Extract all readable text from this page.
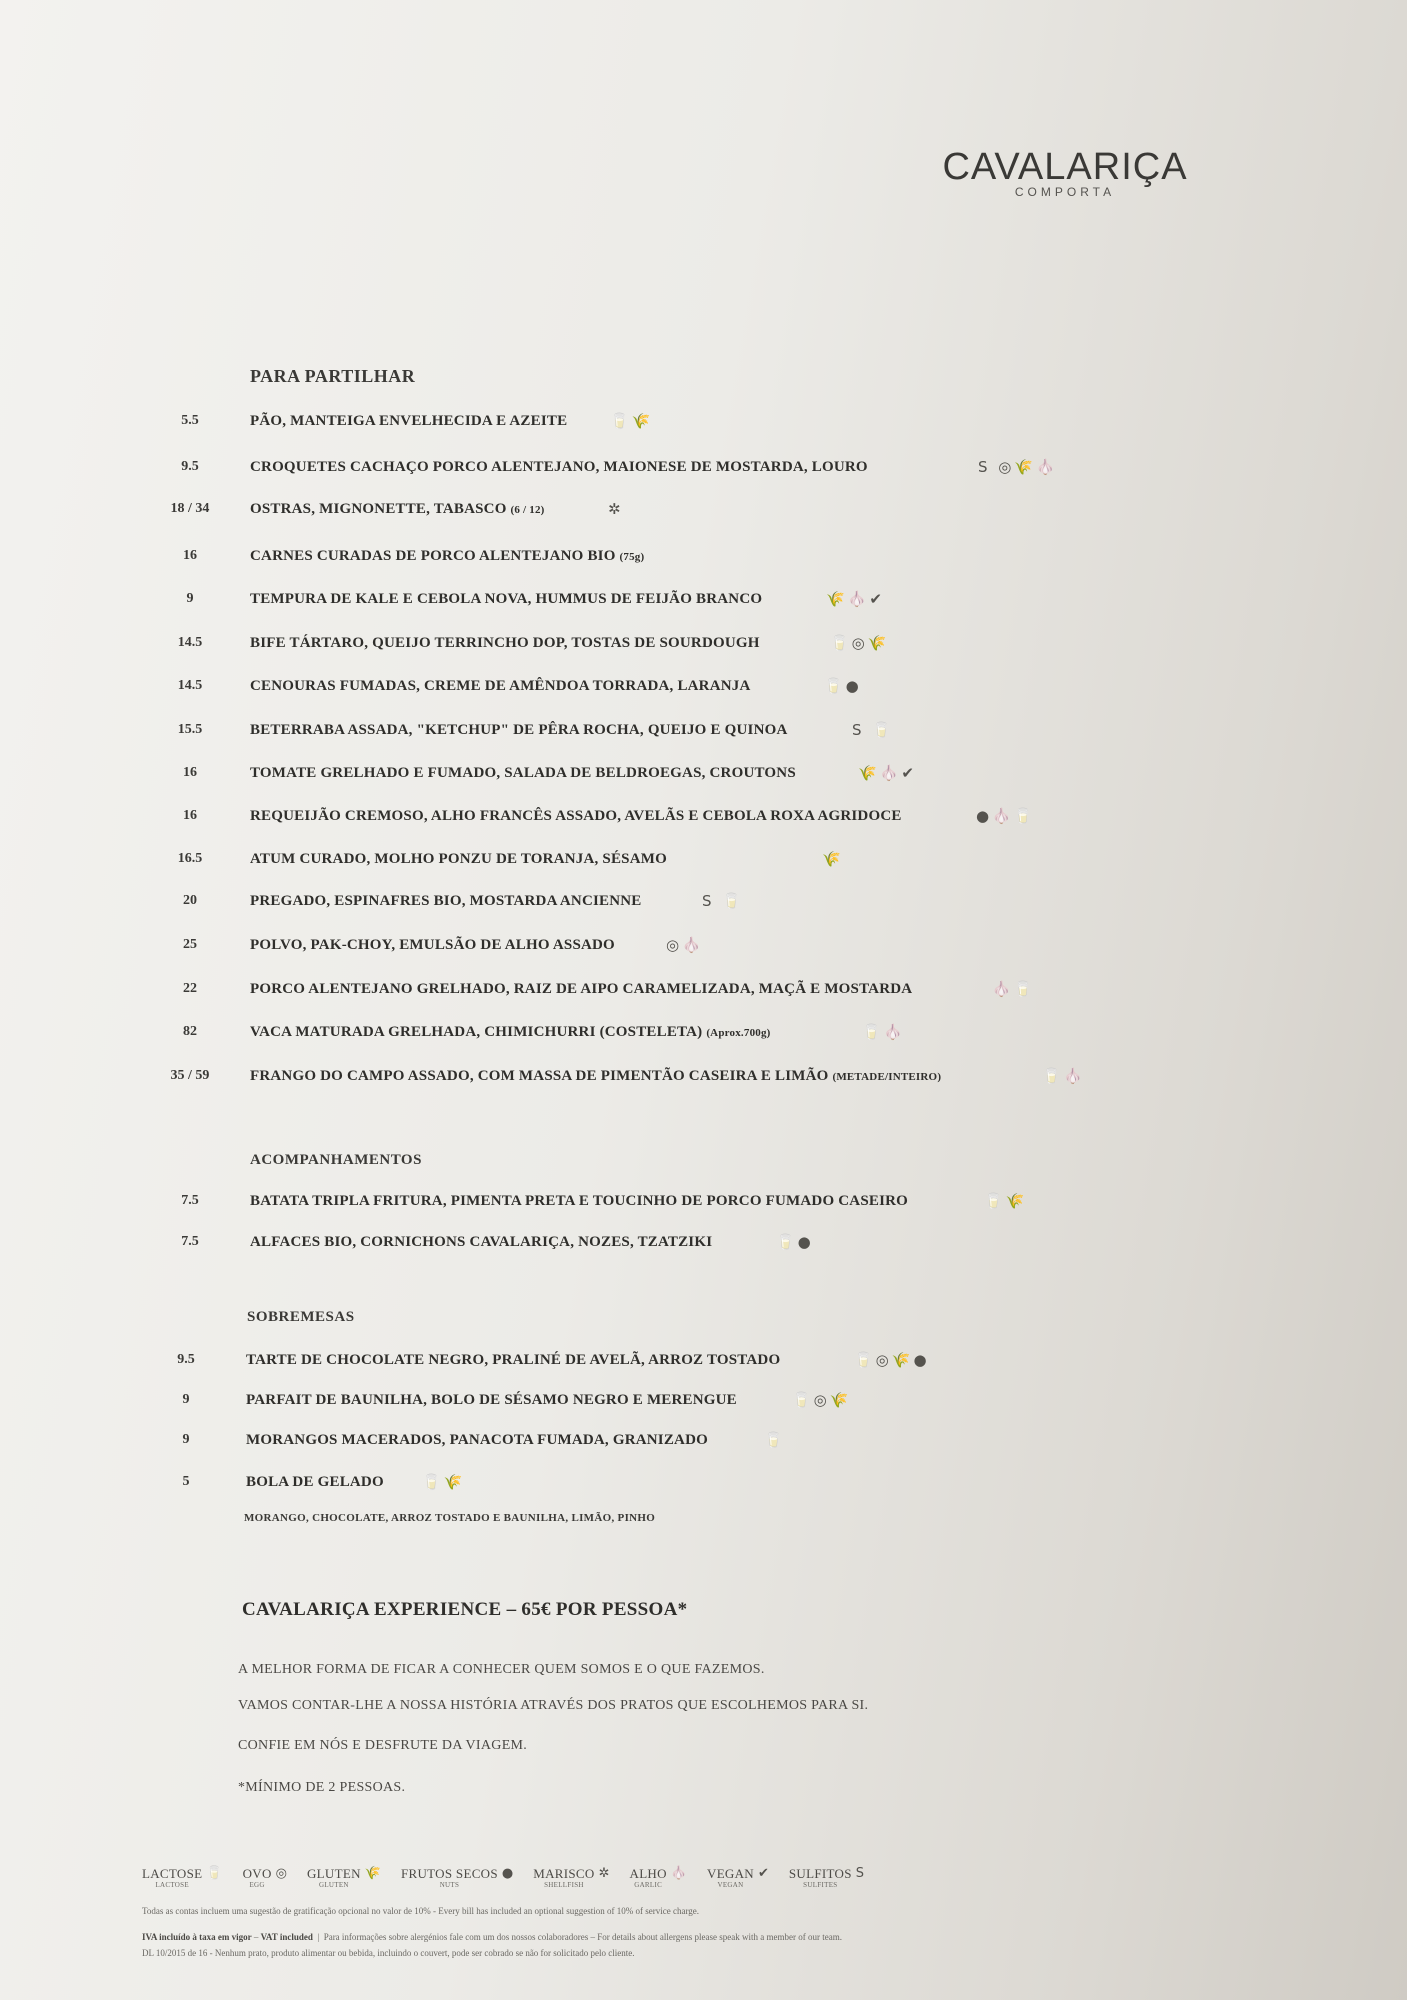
CAVALARIÇA
COMPORTA
PARA PARTILHAR
5.5	PÃO, MANTEIGA ENVELHECIDA E AZEITE	🥛🌾
9.5	CROQUETES CACHAÇO PORCO ALENTEJANO, MAIONESE DE MOSTARDA, LOURO	S ◎🌾🧄
18 / 34	OSTRAS, MIGNONETTE, TABASCO (6 / 12)	✲
16	CARNES CURADAS DE PORCO ALENTEJANO BIO (75g)
9	TEMPURA DE KALE E CEBOLA NOVA, HUMMUS DE FEIJÃO BRANCO	🌾🧄✔
14.5	BIFE TÁRTARO, QUEIJO TERRINCHO DOP, TOSTAS DE SOURDOUGH	🥛◎🌾
14.5	CENOURAS FUMADAS, CREME DE AMÊNDOA TORRADA, LARANJA	🥛●
15.5	BETERRABA ASSADA, "KETCHUP" DE PÊRA ROCHA, QUEIJO E QUINOA	S 🥛
16	TOMATE GRELHADO E FUMADO, SALADA DE BELDROEGAS, CROUTONS	🌾🧄✔
16	REQUEIJÃO CREMOSO, ALHO FRANCÊS ASSADO, AVELÃS E CEBOLA ROXA AGRIDOCE	●🧄🥛
16.5	ATUM CURADO, MOLHO PONZU DE TORANJA, SÉSAMO	🌾
20	PREGADO, ESPINAFRES BIO, MOSTARDA ANCIENNE	S 🥛
25	POLVO, PAK-CHOY, EMULSÃO DE ALHO ASSADO	◎🧄
22	PORCO ALENTEJANO GRELHADO, RAIZ DE AIPO CARAMELIZADA, MAÇÃ E MOSTARDA	🧄🥛
82	VACA MATURADA GRELHADA, CHIMICHURRI (COSTELETA) (Aprox.700g)	🥛🧄
35 / 59	FRANGO DO CAMPO ASSADO, COM MASSA DE PIMENTÃO CASEIRA E LIMÃO (METADE/INTEIRO)	🥛🧄
ACOMPANHAMENTOS
7.5	BATATA TRIPLA FRITURA, PIMENTA PRETA E TOUCINHO DE PORCO FUMADO CASEIRO	🥛🌾
7.5	ALFACES BIO, CORNICHONS CAVALARIÇA, NOZES, TZATZIKI	🥛●
SOBREMESAS
9.5	TARTE DE CHOCOLATE NEGRO, PRALINÉ DE AVELÃ, ARROZ TOSTADO	🥛◎🌾●
9	PARFAIT DE BAUNILHA, BOLO DE SÉSAMO NEGRO E MERENGUE	🥛◎🌾
9	MORANGOS MACERADOS, PANACOTA FUMADA, GRANIZADO	🥛
5	BOLA DE GELADO	🥛🌾
MORANGO, CHOCOLATE, ARROZ TOSTADO E BAUNILHA, LIMÃO, PINHO
CAVALARIÇA EXPERIENCE – 65€ POR PESSOA*
A MELHOR FORMA DE FICAR A CONHECER QUEM SOMOS E O QUE FAZEMOS.
VAMOS CONTAR-LHE A NOSSA HISTÓRIA ATRAVÉS DOS PRATOS QUE ESCOLHEMOS PARA SI.
CONFIE EM NÓS E DESFRUTE DA VIAGEM.
*MÍNIMO DE 2 PESSOAS.
LACTOSE
LACTOSE
🥛 OVO
EGG
◎ GLUTEN
GLUTEN
🌾 FRUTOS SECOS
NUTS
● MARISCO
SHELLFISH
✲ ALHO
GARLIC
🧄 VEGAN
VEGAN
✔ SULFITOS
SULFITES
S
Todas as contas incluem uma sugestão de gratificação opcional no valor de 10% - Every bill has included an optional suggestion of 10% of service charge.
IVA incluído à taxa em vigor – VAT included  |  Para informações sobre alergénios fale com um dos nossos colaboradores – For details about allergens please speak with a member of our team.
DL 10/2015 de 16 - Nenhum prato, produto alimentar ou bebida, incluindo o couvert, pode ser cobrado se não for solicitado pelo cliente.
